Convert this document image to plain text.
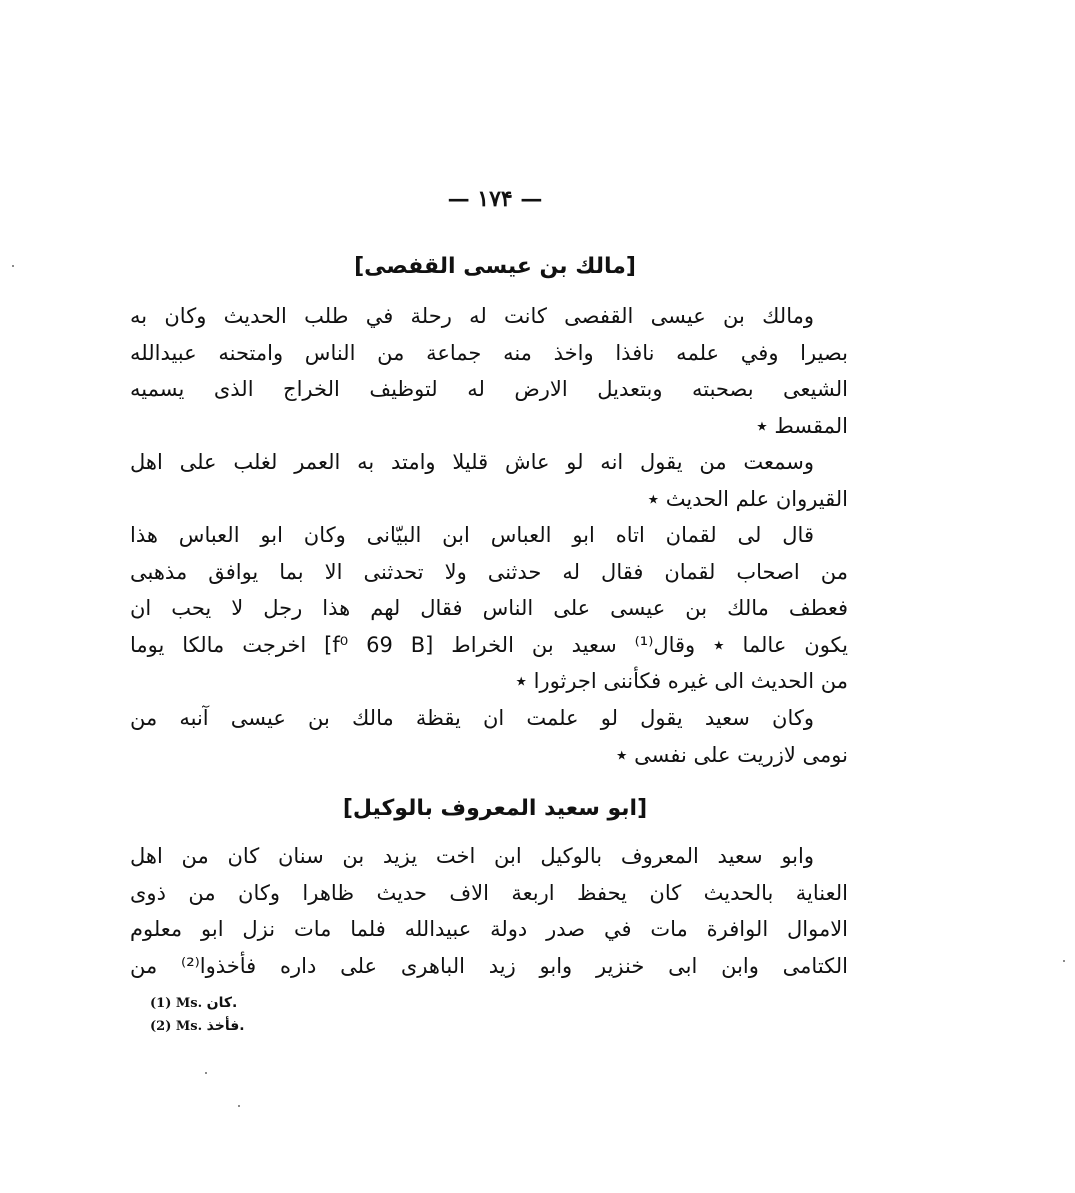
— ۱۷۴ —
[مالك بن عيسى القفصى]
ومالك بن عيسى القفصى كانت له رحلة في طلب الحديث وكان به
بصيرا وفي علمه نافذا واخذ منه جماعة من الناس وامتحنه عبيدالله
الشيعى بصحبته وبتعديل الارض له لتوظيف الخراج الذى يسميه
المقسط ٭
وسمعت من يقول انه لو عاش قليلا وامتد به العمر لغلب على اهل
القيروان علم الحديث ٭
قال لى لقمان اتاه ابو العباس ابن البيّانى وكان ابو العباس هذا
من اصحاب لقمان فقال له حدثنى ولا تحدثنى الا بما يوافق مذهبى
فعطف مالك بن عيسى على الناس فقال لهم هذا رجل لا يحب ان
يكون عالما ٭ وقال⁽¹⁾ سعيد بن الخراط [f⁰ 69 B] اخرجت مالكا يوما
من الحديث الى غيره فكأننى اجرثورا ٭
وكان سعيد يقول لو علمت ان يقظة مالك بن عيسى آنبه من
نومى لازريت على نفسى ٭
[ابو سعيد المعروف بالوكيل]
وابو سعيد المعروف بالوكيل ابن اخت يزيد بن سنان كان من اهل
العناية بالحديث كان يحفظ اربعة الاف حديث ظاهرا وكان من ذوى
الاموال الوافرة مات في صدر دولة عبيدالله فلما مات نزل ابو معلوم
الكتامى وابن ابى خنزير وابو زيد الباهرى على داره فأخذوا⁽²⁾ من
(1) Ms. كان.
(2) Ms. فأخذ.
